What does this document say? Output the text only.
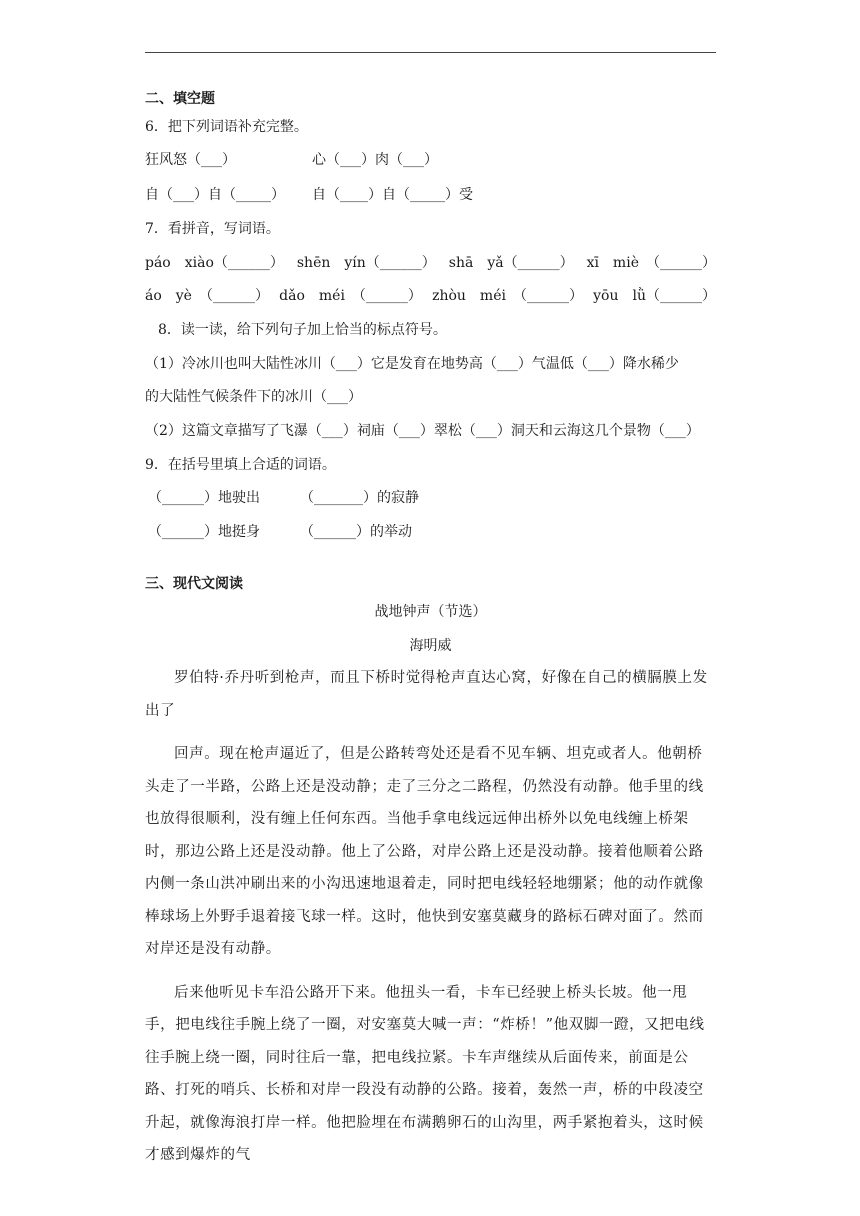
二、填空题
6．把下列词语补充完整。
狂风怒（___）	心（___）肉（___）
自（___）自（_____） 自（____）自（_____）受
7．看拼音，写词语。
páo　xiào（______） shēn　yín（______） shā　yǎ（______） xī　miè　（______）
áo　yè　（______） dǎo　méi　（______） zhòu　méi　（______） yōu　lǜ（______）
8．读一读，给下列句子加上恰当的标点符号。
（1）冷冰川也叫大陆性冰川（___）它是发育在地势高（___）气温低（___）降水稀少
的大陆性气候条件下的冰川（___）
（2）这篇文章描写了飞瀑（___）祠庙（___）翠松（___）洞天和云海这几个景物（___）
9．在括号里填上合适的词语。
（______）地驶出	（_______）的寂静
（______）地挺身	（______）的举动
三、现代文阅读
战地钟声（节选）
海明威

罗伯特·乔丹听到枪声，而且下桥时觉得枪声直达心窝，好像在自己的横膈膜上发出了

回声。现在枪声逼近了，但是公路转弯处还是看不见车辆、坦克或者人。他朝桥头走了一半路，公路上还是没动静；走了三分之二路程，仍然没有动静。他手里的线也放得很顺利，没有缠上任何东西。当他手拿电线远远伸出桥外以免电线缠上桥架时，那边公路上还是没动静。他上了公路，对岸公路上还是没动静。接着他顺着公路内侧一条山洪冲刷出来的小沟迅速地退着走，同时把电线轻轻地绷紧；他的动作就像棒球场上外野手退着接飞球一样。这时，他快到安塞莫藏身的路标石碑对面了。然而对岸还是没有动静。

后来他听见卡车沿公路开下来。他扭头一看，卡车已经驶上桥头长坡。他一甩手，把电线往手腕上绕了一圈，对安塞莫大喊一声：“炸桥！”他双脚一蹬，又把电线往手腕上绕一圈，同时往后一靠，把电线拉紧。卡车声继续从后面传来，前面是公路、打死的哨兵、长桥和对岸一段没有动静的公路。接着，轰然一声，桥的中段凌空升起，就像海浪打岸一样。他把脸埋在布满鹅卵石的山沟里，两手紧抱着头，这时候才感到爆炸的气
